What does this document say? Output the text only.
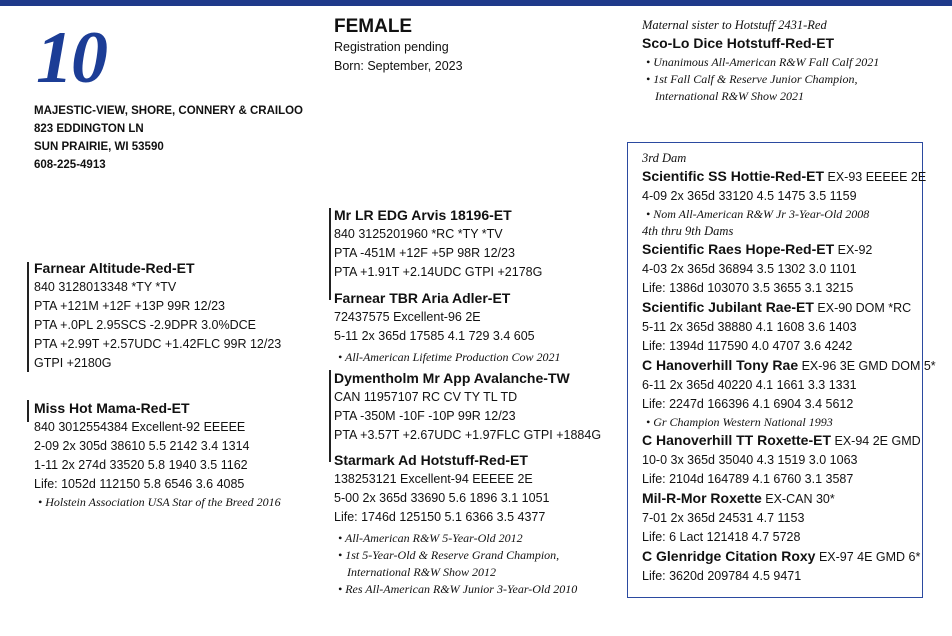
10
MAJESTIC-VIEW, SHORE, CONNERY & CRAILOO
823 EDDINGTON LN
SUN PRAIRIE, WI 53590
608-225-4913
FEMALE
Registration pending
Born: September, 2023
Farnear Altitude-Red-ET
840 3128013348 *TY *TV
PTA +121M +12F +13P 99R 12/23
PTA +.0PL 2.95SCS -2.9DPR 3.0%DCE
PTA +2.99T +2.57UDC +1.42FLC 99R 12/23
GTPI +2180G
Miss Hot Mama-Red-ET
840 3012554384 Excellent-92 EEEEE
2-09 2x 305d 38610 5.5 2142 3.4 1314
1-11 2x 274d 33520 5.8 1940 3.5 1162
Life: 1052d 112150 5.8 6546 3.6 4085
• Holstein Association USA Star of the Breed 2016
Mr LR EDG Arvis 18196-ET
840 3125201960 *RC *TY *TV
PTA -451M +12F +5P 98R 12/23
PTA +1.91T +2.14UDC GTPI +2178G
Farnear TBR Aria Adler-ET
72437575 Excellent-96 2E
5-11 2x 365d 17585 4.1 729 3.4 605
• All-American Lifetime Production Cow 2021
Dymentholm Mr App Avalanche-TW
CAN 11957107 RC CV TY TL TD
PTA -350M -10F -10P 99R 12/23
PTA +3.57T +2.67UDC +1.97FLC GTPI +1884G
Starmark Ad Hotstuff-Red-ET
138253121 Excellent-94 EEEEE 2E
5-00 2x 365d 33690 5.6 1896 3.1 1051
Life: 1746d 125150 5.1 6366 3.5 4377
• All-American R&W 5-Year-Old 2012
• 1st 5-Year-Old & Reserve Grand Champion,
International R&W Show 2012
• Res All-American R&W Junior 3-Year-Old 2010
Maternal sister to Hotstuff 2431-Red
Sco-Lo Dice Hotstuff-Red-ET
• Unanimous All-American R&W Fall Calf 2021
• 1st Fall Calf & Reserve Junior Champion,
International R&W Show 2021
3rd Dam
Scientific SS Hottie-Red-ET EX-93 EEEEE 2E
4-09 2x 365d 33120 4.5 1475 3.5 1159
• Nom All-American R&W Jr 3-Year-Old 2008
4th thru 9th Dams
Scientific Raes Hope-Red-ET EX-92
4-03 2x 365d 36894 3.5 1302 3.0 1101
Life: 1386d 103070 3.5 3655 3.1 3215
Scientific Jubilant Rae-ET EX-90 DOM *RC
5-11 2x 365d 38880 4.1 1608 3.6 1403
Life: 1394d 117590 4.0 4707 3.6 4242
C Hanoverhill Tony Rae EX-96 3E GMD DOM 5*
6-11 2x 365d 40220 4.1 1661 3.3 1331
Life: 2247d 166396 4.1 6904 3.4 5612
• Gr Champion Western National 1993
C Hanoverhill TT Roxette-ET EX-94 2E GMD
10-0 3x 365d 35040 4.3 1519 3.0 1063
Life: 2104d 164789 4.1 6760 3.1 3587
Mil-R-Mor Roxette EX-CAN 30*
7-01 2x 365d 24531 4.7 1153
Life: 6 Lact 121418 4.7 5728
C Glenridge Citation Roxy EX-97 4E GMD 6*
Life: 3620d 209784 4.5 9471
